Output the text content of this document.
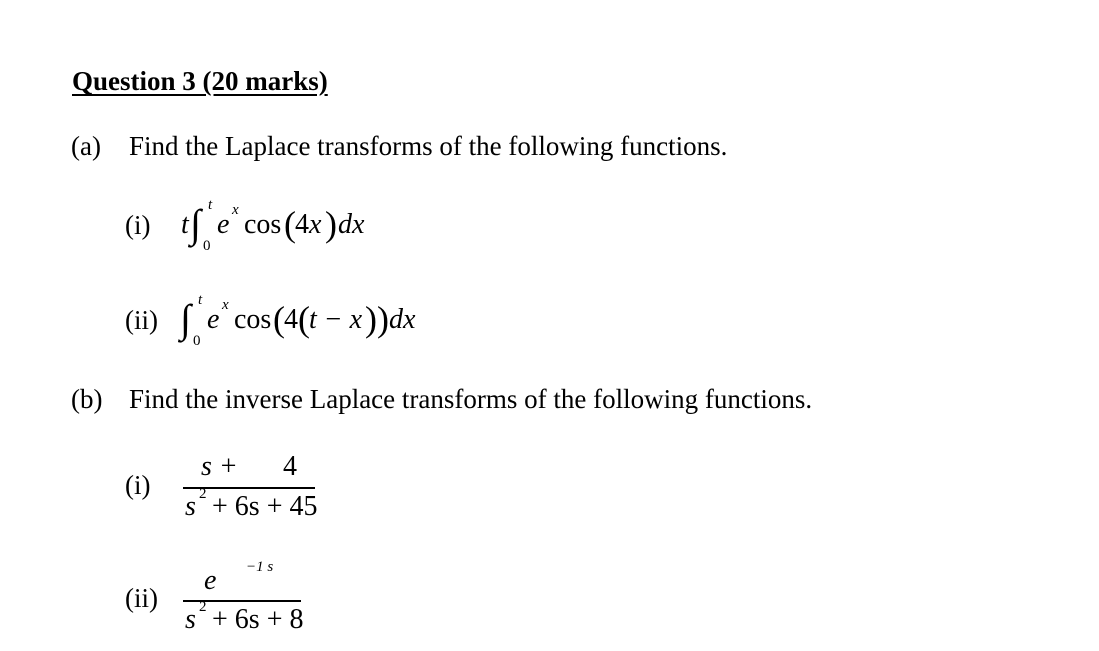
Question 3 (20 marks)
(a) Find the Laplace transforms of the following functions.
(i) t ∫ t
0
e x cos ( 4x ) dx
(ii) ∫ t
0
e x cos ( 4 ( t − x ) ) dx
(b) Find the inverse Laplace transforms of the following functions.
(i)
s + 4
s 2 + 6s + 45
(ii)
e −1 s
s 2 + 6s + 8
